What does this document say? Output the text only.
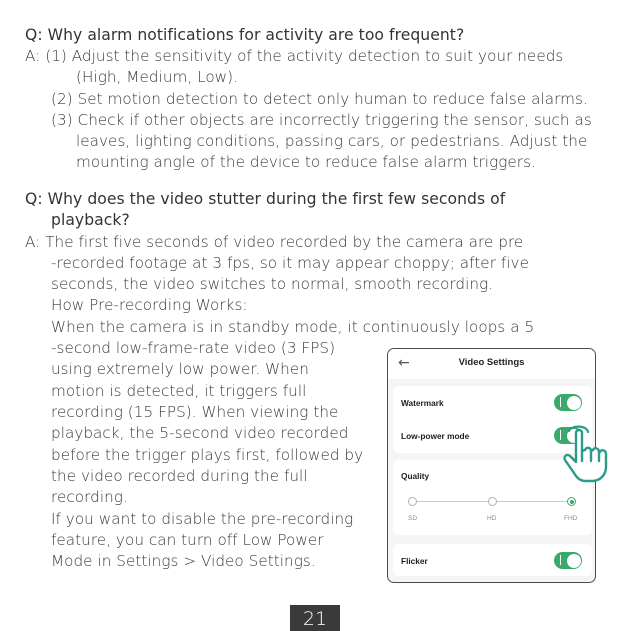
Q: Why alarm notifications for activity are too frequent?
A: (1) Adjust the sensitivity of the activity detection to suit your needs
(High, Medium, Low).
(2) Set motion detection to detect only human to reduce false alarms.
(3) Check if other objects are incorrectly triggering the sensor, such as
leaves, lighting conditions, passing cars, or pedestrians. Adjust the
mounting angle of the device to reduce false alarm triggers.
Q: Why does the video stutter during the first few seconds of
playback?
A: The first five seconds of video recorded by the camera are pre
-recorded footage at 3 fps, so it may appear choppy; after five
seconds, the video switches to normal, smooth recording.
How Pre-recording Works:
When the camera is in standby mode, it continuously loops a 5
-second low-frame-rate video (3 FPS)
using extremely low power. When
motion is detected, it triggers full
recording (15 FPS). When viewing the
playback, the 5-second video recorded
before the trigger plays first, followed by
the video recorded during the full
recording.
If you want to disable the pre-recording
feature, you can turn off Low Power
Mode in Settings > Video Settings.
←	Video Settings
Watermark
Low-power mode
Quality
SD	HD	FHD
Flicker
21
